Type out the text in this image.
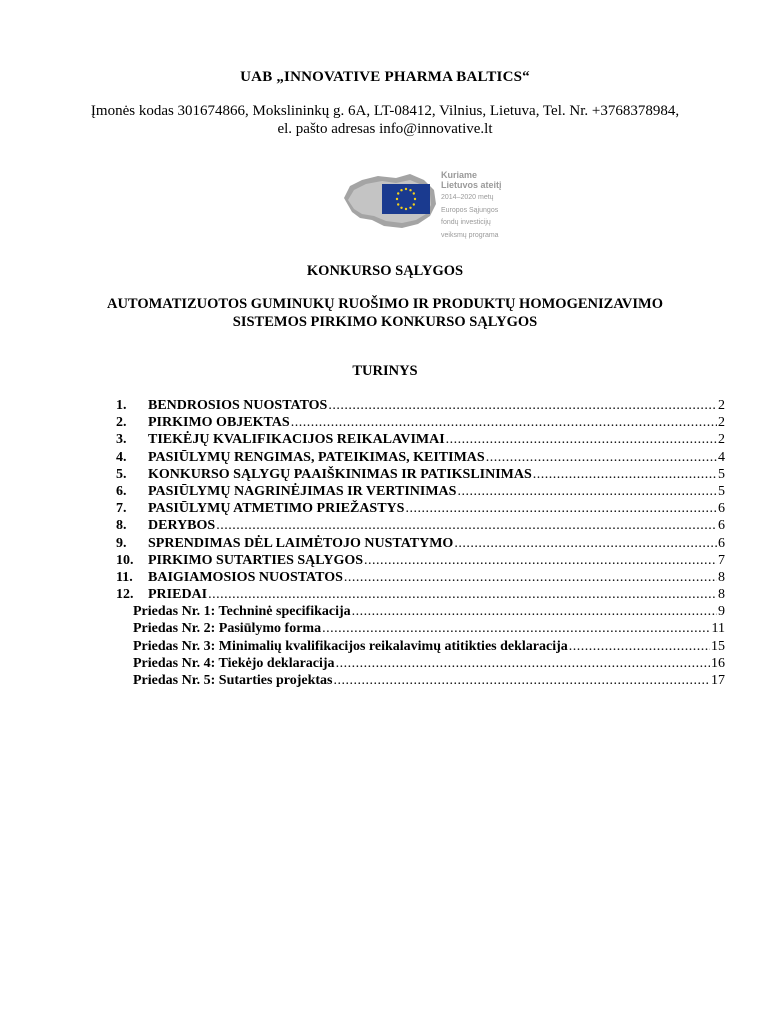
UAB „INNOVATIVE PHARMA BALTICS“
Įmonės kodas 301674866, Mokslininkų g. 6A, LT-08412, Vilnius, Lietuva, Tel. Nr. +3768378984,
el. pašto adresas info@innovative.lt
Kuriame
Lietuvos ateitį
2014–2020 metų
Europos Sąjungos
fondų investicijų
veiksmų programa
KONKURSO SĄLYGOS
AUTOMATIZUOTOS GUMINUKŲ RUOŠIMO IR PRODUKTŲ HOMOGENIZAVIMO
SISTEMOS PIRKIMO KONKURSO SĄLYGOS
TURINYS
1.	BENDROSIOS NUOSTATOS .....	2
2.	PIRKIMO OBJEKTAS .....	2
3.	TIEKĖJŲ KVALIFIKACIJOS REIKALAVIMAI .....	2
4.	PASIŪLYMŲ RENGIMAS, PATEIKIMAS, KEITIMAS .....	4
5.	KONKURSO SĄLYGŲ PAAIŠKINIMAS IR PATIKSLINIMAS .....	5
6.	PASIŪLYMŲ NAGRINĖJIMAS IR VERTINIMAS .....	5
7.	PASIŪLYMŲ ATMETIMO PRIEŽASTYS .....	6
8.	DERYBOS .....	6
9.	SPRENDIMAS DĖL LAIMĖTOJO NUSTATYMO .....	6
10.	PIRKIMO SUTARTIES SĄLYGOS .....	7
11.	BAIGIAMOSIOS NUOSTATOS .....	8
12.	PRIEDAI .....	8
Priedas Nr. 1: Techninė specifikacija .....	9
Priedas Nr. 2: Pasiūlymo forma .....	11
Priedas Nr. 3: Minimalių kvalifikacijos reikalavimų atitikties deklaracija .....	15
Priedas Nr. 4: Tiekėjo deklaracija .....	16
Priedas Nr. 5: Sutarties projektas .....	17
